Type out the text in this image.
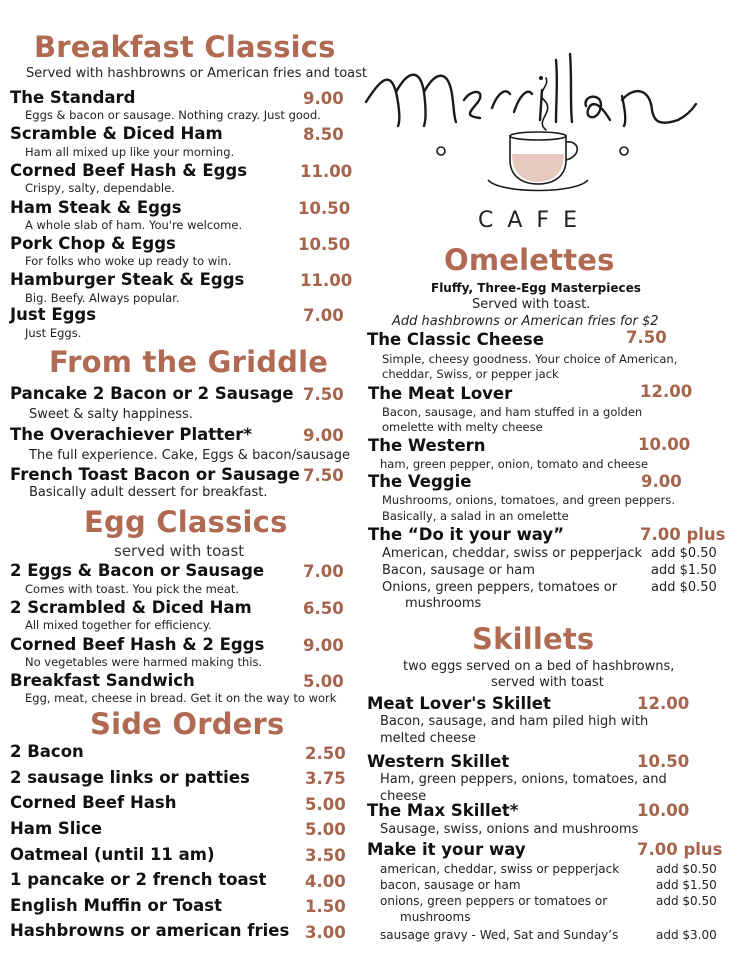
Breakfast Classics
Served with hashbrowns or American fries and toast
The Standard	9.00
Eggs & bacon or sausage. Nothing crazy. Just good.
Scramble & Diced Ham	8.50
Ham all mixed up like your morning.
Corned Beef Hash & Eggs	11.00
Crispy, salty, dependable.
Ham Steak & Eggs	10.50
A whole slab of ham. You're welcome.
Pork Chop & Eggs	10.50
For folks who woke up ready to win.
Hamburger Steak & Eggs	11.00
Big. Beefy. Always popular.
Just Eggs	7.00
Just Eggs.
From the Griddle
Pancake 2 Bacon or 2 Sausage 7.50
Sweet & salty happiness.
The Overachiever Platter*	9.00
The full experience. Cake, Eggs & bacon/sausage
French Toast Bacon or Sausage 7.50
Basically adult dessert for breakfast.
Egg Classics
served with toast
2 Eggs & Bacon or Sausage 7.00
Comes with toast. You pick the meat.
2 Scrambled & Diced Ham	6.50
All mixed together for efficiency.
Corned Beef Hash & 2 Eggs 9.00
No vegetables were harmed making this.
Breakfast Sandwich	5.00
Egg, meat, cheese in bread. Get it on the way to work
Side Orders
2 Bacon	2.50
2 sausage links or patties	3.75
Corned Beef Hash	5.00
Ham Slice	5.00
Oatmeal (until 11 am)	3.50
1 pancake or 2 french toast 4.00
English Muffin or Toast	1.50
Hashbrowns or american fries 3.00
CAFE
Omelettes
Fluffy, Three-Egg Masterpieces
Served with toast.
Add hashbrowns or American fries for $2
The Classic Cheese	7.50
Simple, cheesy goodness. Your choice of American,
cheddar, Swiss, or pepper jack
The Meat Lover	12.00
Bacon, sausage, and ham stuffed in a golden
omelette with melty cheese
The Western	10.00
ham, green pepper, onion, tomato and cheese
The Veggie	9.00
Mushrooms, onions, tomatoes, and green peppers.
Basically, a salad in an omelette
The “Do it your way”	7.00 plus
American, cheddar, swiss or pepperjack add $0.50
Bacon, sausage or ham	add $1.50
Onions, green peppers, tomatoes or	add $0.50
mushrooms
Skillets
two eggs served on a bed of hashbrowns,
served with toast
Meat Lover's Skillet	12.00
Bacon, sausage, and ham piled high with
melted cheese
Western Skillet	10.50
Ham, green peppers, onions, tomatoes, and
cheese
The Max Skillet*	10.00
Sausage, swiss, onions and mushrooms
Make it your way	7.00 plus
american, cheddar, swiss or pepperjack	add $0.50
bacon, sausage or ham	add $1.50
onions, green peppers or tomatoes or	add $0.50
mushrooms
sausage gravy - Wed, Sat and Sunday’s	add $3.00
